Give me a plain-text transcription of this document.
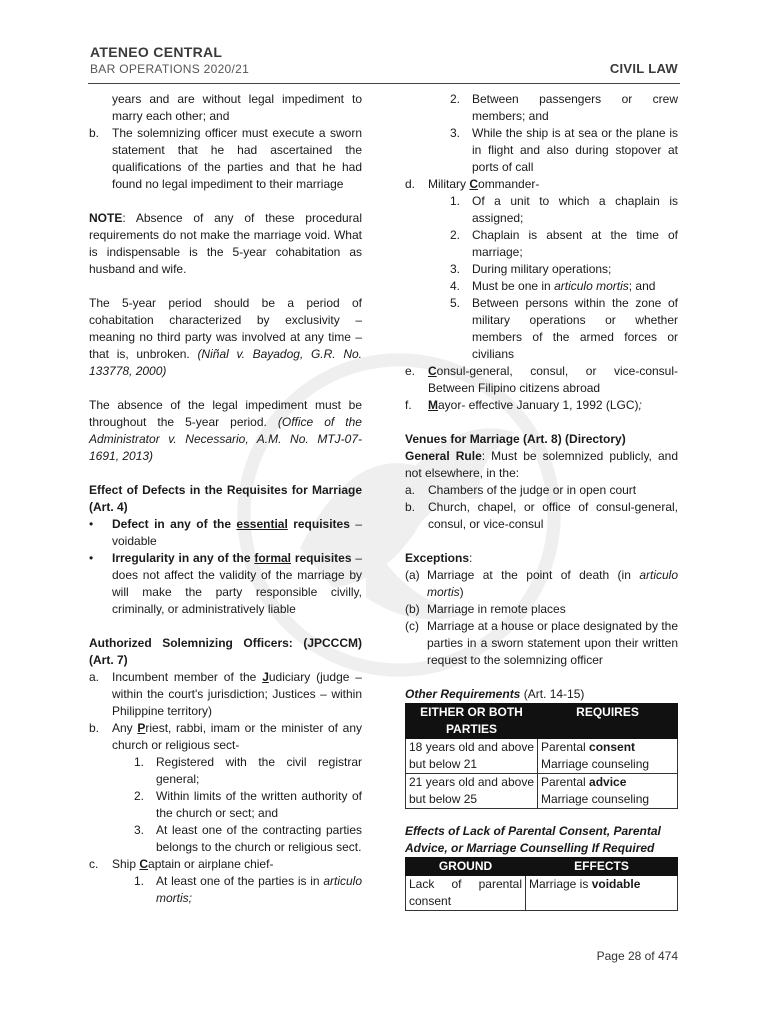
ATENEO CENTRAL
BAR OPERATIONS 2020/21	CIVIL LAW

years and are without legal impediment to marry each other; and

b.	The solemnizing officer must execute a sworn statement that he had ascertained the qualifications of the parties and that he had found no legal impediment to their marriage

NOTE: Absence of any of these procedural requirements do not make the marriage void. What is indispensable is the 5-year cohabitation as husband and wife.

The 5-year period should be a period of cohabitation characterized by exclusivity – meaning no third party was involved at any time – that is, unbroken. (Niñal v. Bayadog, G.R. No. 133778, 2000)

The absence of the legal impediment must be throughout the 5-year period. (Office of the Administrator v. Necessario, A.M. No. MTJ-07-1691, 2013)

Effect of Defects in the Requisites for Marriage (Art. 4)

•	Defect in any of the essential requisites – voidable
•	Irregularity in any of the formal requisites – does not affect the validity of the marriage by will make the party responsible civilly, criminally, or administratively liable

Authorized Solemnizing Officers: (JPCCCM) (Art. 7)

a.	Incumbent member of the Judiciary (judge – within the court's jurisdiction; Justices – within Philippine territory)
b.	Any Priest, rabbi, imam or the minister of any church or religious sect-
1. Registered with the civil registrar general;
2. Within limits of the written authority of the church or sect; and
3. At least one of the contracting parties belongs to the church or religious sect.
c.	Ship Captain or airplane chief-
1. At least one of the parties is in articulo mortis;
2. Between passengers or crew members; and
3. While the ship is at sea or the plane is in flight and also during stopover at ports of call
d.	Military Commander-
1. Of a unit to which a chaplain is assigned;
2. Chaplain is absent at the time of marriage;
3. During military operations;
4. Must be one in articulo mortis; and
5. Between persons within the zone of military operations or whether members of the armed forces or civilians
e.	Consul-general, consul, or vice-consul-Between Filipino citizens abroad
f.	Mayor- effective January 1, 1992 (LGC);

Venues for Marriage (Art. 8) (Directory)

General Rule: Must be solemnized publicly, and not elsewhere, in the:

a.	Chambers of the judge or in open court
b.	Church, chapel, or office of consul-general, consul, or vice-consul

Exceptions:

(a) Marriage at the point of death (in articulo mortis)
(b) Marriage in remote places
(c) Marriage at a house or place designated by the parties in a sworn statement upon their written request to the solemnizing officer

Other Requirements (Art. 14-15)

EITHER OR BOTH PARTIES	REQUIRES
18 years old and above but below 21	Parental consent
Marriage counseling
21 years old and above but below 25	Parental advice
Marriage counseling

Effects of Lack of Parental Consent, Parental Advice, or Marriage Counselling If Required

GROUND	EFFECTS
Lack of parental consent	Marriage is voidable
Page 28 of 474
